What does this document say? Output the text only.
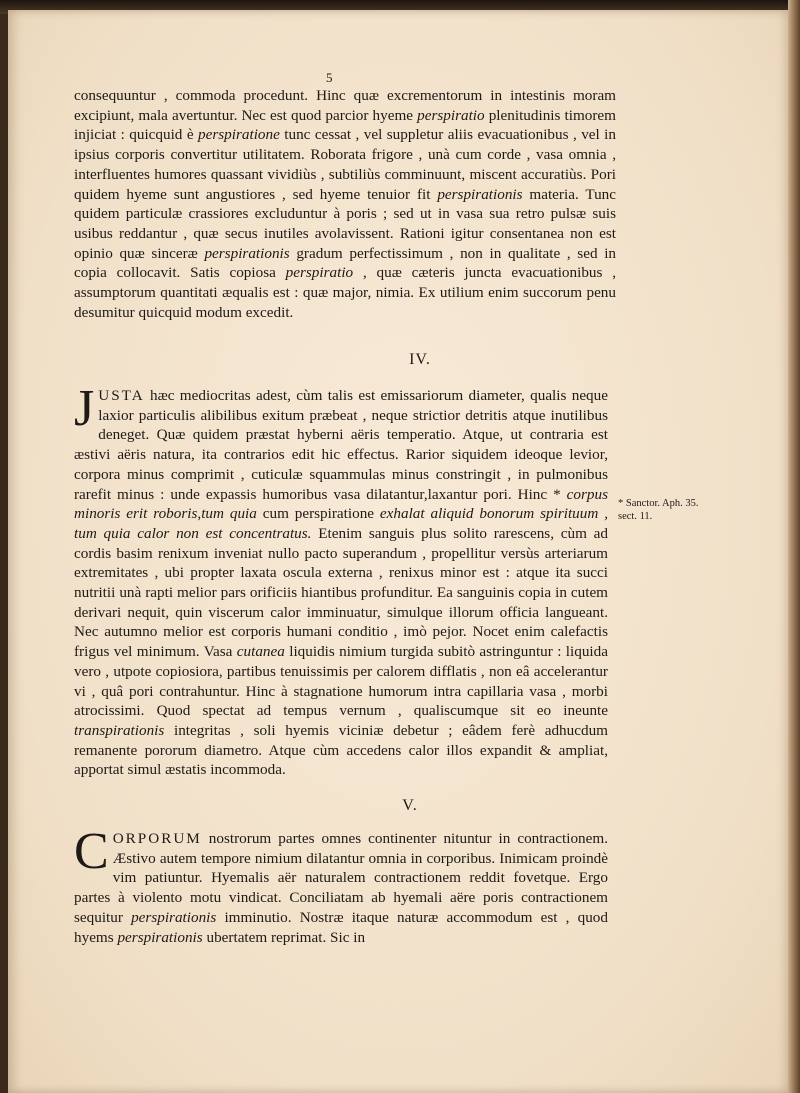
5

consequuntur , commoda procedunt. Hinc quæ excrementorum in intestinis moram excipiunt, mala avertuntur. Nec est quod parcior hyeme perspiratio plenitudinis timorem injiciat : quicquid è perspiratione tunc cessat , vel suppletur aliis evacuationibus , vel in ipsius corporis convertitur utilitatem. Roborata frigore , unà cum corde , vasa omnia , interfluentes humores quassant vividiùs , subtiliùs comminuunt, miscent accuratiùs. Pori quidem hyeme sunt angustiores , sed hyeme tenuior fit perspirationis materia. Tunc quidem particulæ crassiores excluduntur à poris ; sed ut in vasa sua retro pulsæ suis usibus reddantur , quæ secus inutiles avolavissent. Rationi igitur consentanea non est opinio quæ sinceræ perspirationis gradum perfectissimum , non in qualitate , sed in copia collocavit. Satis copiosa perspiratio , quæ cæteris juncta evacuationibus , assumptorum quantitati æqualis est : quæ major, nimia. Ex utilium enim succorum penu desumitur quicquid modum excedit.

IV.

JUSTA hæc mediocritas adest, cùm talis est emissariorum diameter, qualis neque laxior particulis alibilibus exitum præbeat , neque strictior detritis atque inutilibus deneget. Quæ quidem præstat hyberni aëris temperatio. Atque, ut contraria est æstivi aëris natura, ita contrarios edit hic effectus. Rarior siquidem ideoque levior, corpora minus comprimit , cuticulæ squammulas minus constringit , in pulmonibus rarefit minus : unde expassis humoribus vasa dilatantur,laxantur pori. Hinc * corpus minoris erit roboris,tum quia cum perspiratione exhalat aliquid bonorum spirituum , tum quia calor non est concentratus. Etenim sanguis plus solito rarescens, cùm ad cordis basim renixum inveniat nullo pacto superandum , propellitur versùs arteriarum extremitates , ubi propter laxata oscula externa , renixus minor est : atque ita succi nutritii unà rapti melior pars orificiis hiantibus profunditur. Ea sanguinis copia in cutem derivari nequit, quin viscerum calor imminuatur, simulque illorum officia langueant. Nec autumno melior est corporis humani conditio , imò pejor. Nocet enim calefactis frigus vel minimum. Vasa cutanea liquidis nimium turgida subitò astringuntur : liquida vero , utpote copiosiora, partibus tenuissimis per calorem difflatis , non eâ accelerantur vi , quâ pori contrahuntur. Hinc à stagnatione humorum intra capillaria vasa , morbi atrocissimi. Quod spectat ad tempus vernum , qualiscumque sit eo ineunte transpirationis integritas , soli hyemis viciniæ debetur ; eâdem ferè adhucdum remanente pororum diametro. Atque cùm accedens calor illos expandit & ampliat, apportat simul æstatis incommoda.

* Sanctor. Aph. 35. sect. 11.
V.

CORPORUM nostrorum partes omnes continenter nituntur in contractionem. Æstivo autem tempore nimium dilatantur omnia in corporibus. Inimicam proindè vim patiuntur. Hyemalis aër naturalem contractionem reddit fovetque. Ergo partes à violento motu vindicat. Conciliatam ab hyemali aëre poris contractionem sequitur perspirationis imminutio. Nostræ itaque naturæ accommodum est , quod hyems perspirationis ubertatem reprimat. Sic in
